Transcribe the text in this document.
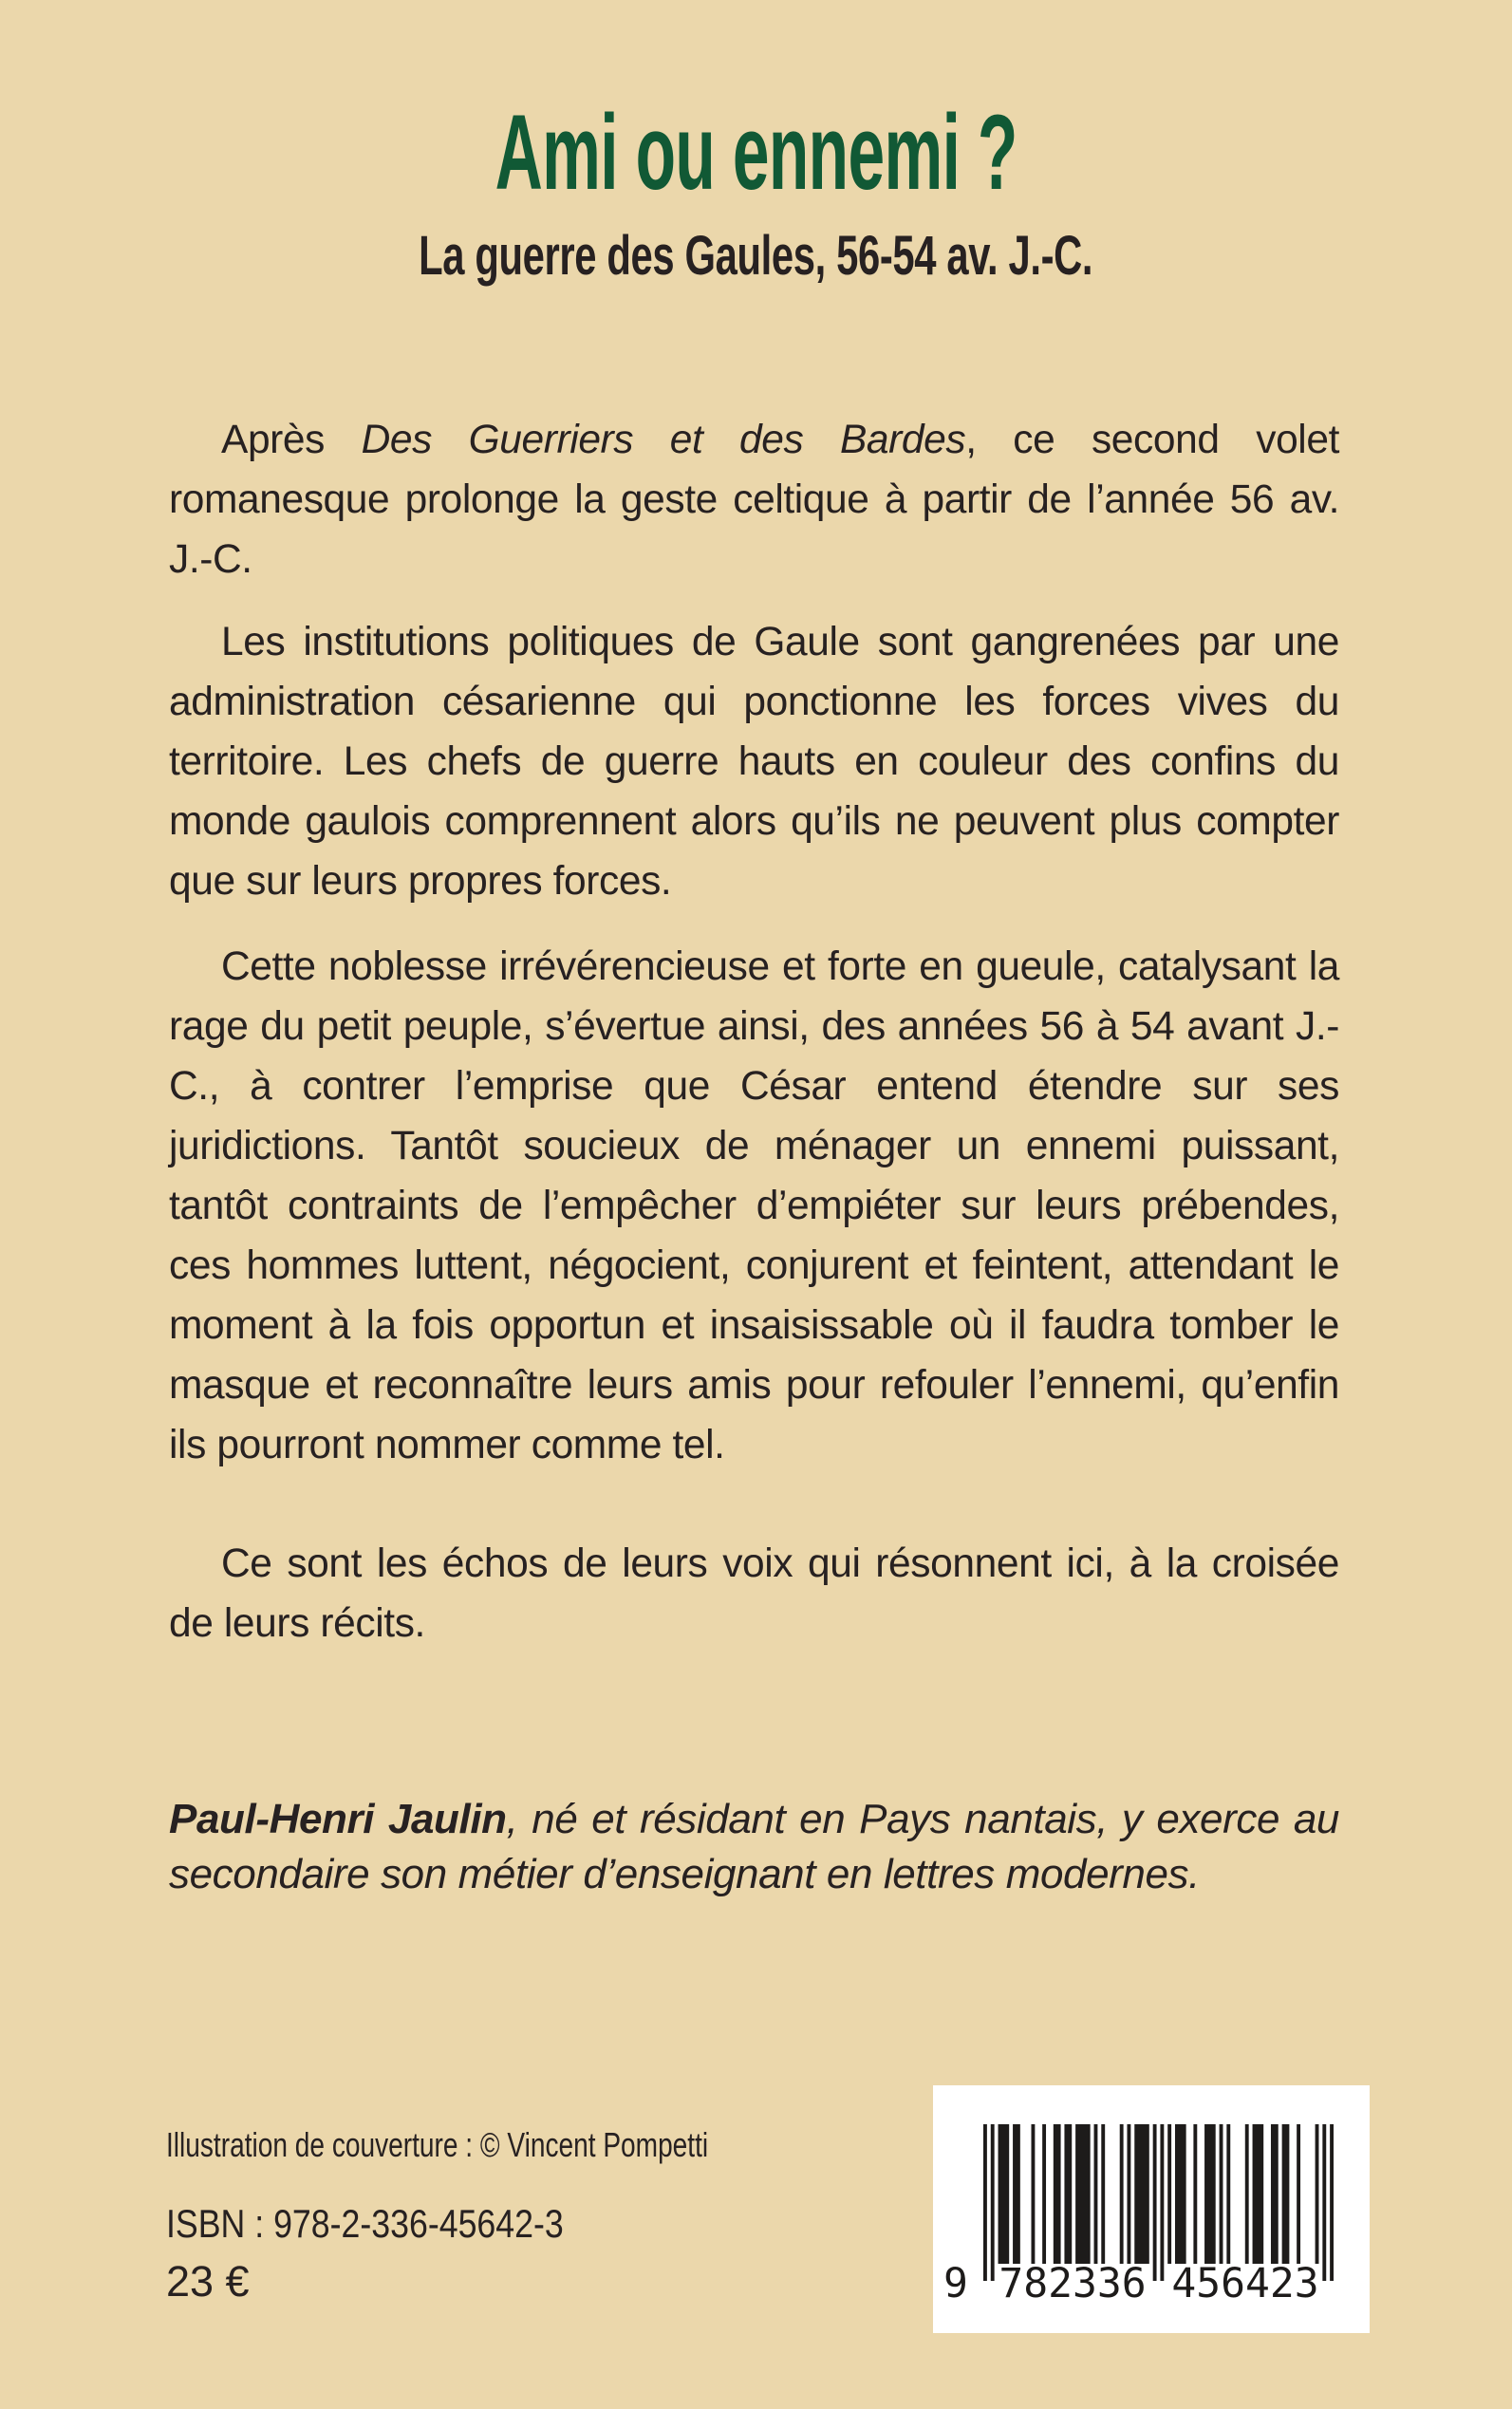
Ami ou ennemi ?
La guerre des Gaules, 56-54 av. J.-C.

Après Des Guerriers et des Bardes, ce second volet romanesque prolonge la geste celtique à partir de l’année 56 av. J.-C.

Les institutions politiques de Gaule sont gangrenées par une administration césarienne qui ponctionne les forces vives du territoire. Les chefs de guerre hauts en couleur des confins du monde gaulois comprennent alors qu’ils ne peuvent plus compter que sur leurs propres forces.

Cette noblesse irrévérencieuse et forte en gueule, catalysant la rage du petit peuple, s’évertue ainsi, des années 56 à 54 avant J.-C., à contrer l’emprise que César entend étendre sur ses juridictions. Tantôt soucieux de ménager un ennemi puissant, tantôt contraints de l’empêcher d’empiéter sur leurs prébendes, ces hommes luttent, négocient, conjurent et feintent, attendant le moment à la fois opportun et insaisissable où il faudra tomber le masque et reconnaître leurs amis pour refouler l’ennemi, qu’enfin ils pourront nommer comme tel.

Ce sont les échos de leurs voix qui résonnent ici, à la croisée de leurs récits.

Paul-Henri Jaulin, né et résidant en Pays nantais, y exerce au secondaire son métier d’enseignant en lettres modernes.

Illustration de couverture : © Vincent Pompetti

ISBN : 978-2-336-45642-3

23 €	9 782336 456423
